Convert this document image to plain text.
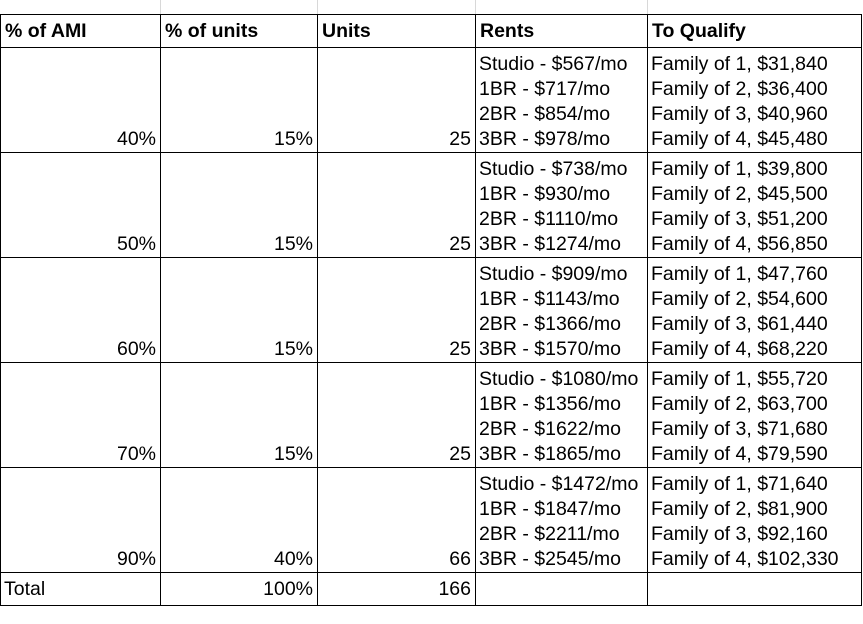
% of AMI	% of units	Units	Rents	To Qualify
40%	15%	25	Studio - $567/mo
1BR - $717/mo
2BR - $854/mo
3BR - $978/mo	Family of 1, $31,840
Family of 2, $36,400
Family of 3, $40,960
Family of 4, $45,480

50%	15%	25	Studio - $738/mo
1BR - $930/mo
2BR - $1110/mo
3BR - $1274/mo	Family of 1, $39,800
Family of 2, $45,500
Family of 3, $51,200
Family of 4, $56,850

60%	15%	25	Studio - $909/mo
1BR - $1143/mo
2BR - $1366/mo
3BR - $1570/mo	Family of 1, $47,760
Family of 2, $54,600
Family of 3, $61,440
Family of 4, $68,220

70%	15%	25	Studio - $1080/mo
1BR - $1356/mo
2BR - $1622/mo
3BR - $1865/mo	Family of 1, $55,720
Family of 2, $63,700
Family of 3, $71,680
Family of 4, $79,590

90%	40%	66	Studio - $1472/mo
1BR - $1847/mo
2BR - $2211/mo
3BR - $2545/mo	Family of 1, $71,640
Family of 2, $81,900
Family of 3, $92,160
Family of 4, $102,330

Total	100%	166		
